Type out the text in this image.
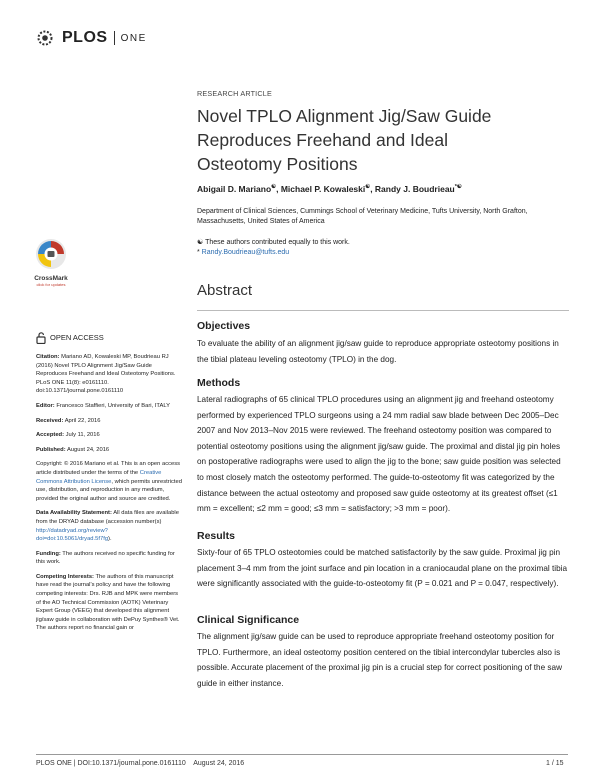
PLOS ONE
RESEARCH ARTICLE
Novel TPLO Alignment Jig/Saw Guide Reproduces Freehand and Ideal Osteotomy Positions
Abigail D. Mariano☯, Michael P. Kowaleski☯, Randy J. Boudrieau*☯
Department of Clinical Sciences, Cummings School of Veterinary Medicine, Tufts University, North Grafton, Massachusetts, United States of America
☯ These authors contributed equally to this work.
* Randy.Boudrieau@tufts.edu
CrossMark
click for updates	Abstract
Objectives
To evaluate the ability of an alignment jig/saw guide to reproduce appropriate osteotomy positions in the tibial plateau leveling osteotomy (TPLO) in the dog.
Methods
Lateral radiographs of 65 clinical TPLO procedures using an alignment jig and freehand osteotomy performed by experienced TPLO surgeons using a 24 mm radial saw blade between Dec 2005–Dec 2007 and Nov 2013–Nov 2015 were reviewed. The freehand osteotomy position was compared to potential osteotomy positions using the alignment jig/saw guide. The proximal and distal jig pin holes on postoperative radiographs were used to align the jig to the bone; saw guide position was selected to most closely match the osteotomy performed. The guide-to-osteotomy fit was categorized by the distance between the actual osteotomy and proposed saw guide osteotomy at its greatest offset (≤1 mm = excellent; ≤2 mm = good; ≤3 mm = satisfactory; >3 mm = poor).
Results
Sixty-four of 65 TPLO osteotomies could be matched satisfactorily by the saw guide. Proximal jig pin placement 3–4 mm from the joint surface and pin location in a craniocaudal plane on the proximal tibia were significantly associated with the guide-to-osteotomy fit (P = 0.021 and P = 0.047, respectively).
Clinical Significance
The alignment jig/saw guide can be used to reproduce appropriate freehand osteotomy position for TPLO. Furthermore, an ideal osteotomy position centered on the tibial intercondylar tubercles also is possible. Accurate placement of the proximal jig pin is a crucial step for correct positioning of the saw guide in either instance.
OPEN ACCESS

Citation: Mariano AD, Kowaleski MP, Boudrieau RJ (2016) Novel TPLO Alignment Jig/Saw Guide Reproduces Freehand and Ideal Osteotomy Positions. PLoS ONE 11(8): e0161110. doi:10.1371/journal.pone.0161110

Editor: Francesco Staffieri, University of Bari, ITALY

Received: April 22, 2016

Accepted: July 11, 2016

Published: August 24, 2016

Copyright: © 2016 Mariano et al. This is an open access article distributed under the terms of the Creative Commons Attribution License, which permits unrestricted use, distribution, and reproduction in any medium, provided the original author and source are credited.

Data Availability Statement: All data files are available from the DRYAD database (accession number(s) http://datadryad.org/review?doi=doi:10.5061/dryad.5f7fg).

Funding: The authors received no specific funding for this work.

Competing Interests: The authors of this manuscript have read the journal's policy and have the following competing interests: Drs. RJB and MPK were members of the AO Technical Commission (AOTK) Veterinary Expert Group (VEEG) that developed this alignment jig/saw guide in collaboration with DePuy Synthes® Vet. The authors report no financial gain or

PLOS ONE | DOI:10.1371/journal.pone.0161110    August 24, 2016	1 / 15
